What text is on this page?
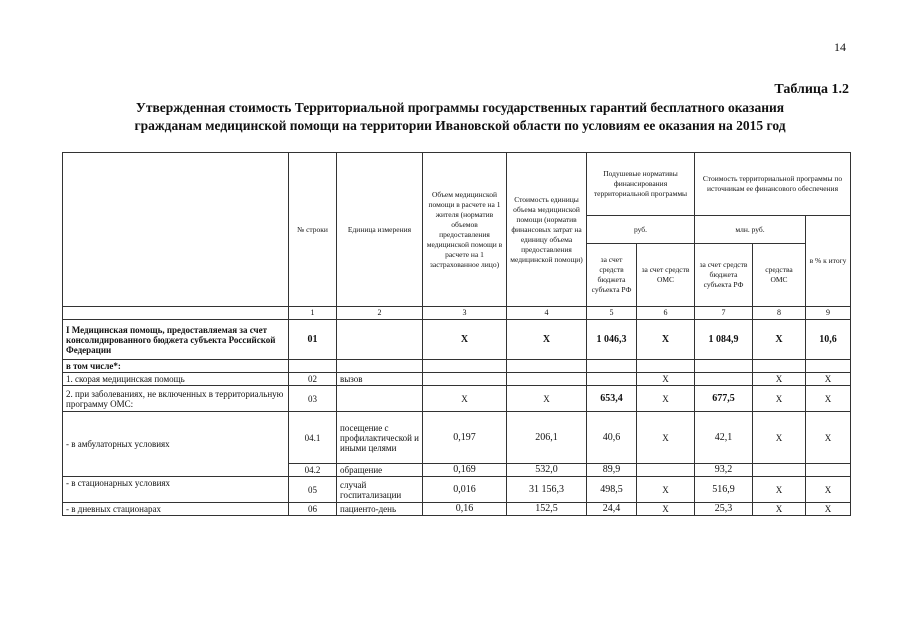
14
Таблица 1.2
Утвержденная стоимость Территориальной программы государственных гарантий бесплатного оказания
гражданам медицинской помощи на территории Ивановской области по условиям ее оказания на 2015 год
	№ строки	Единица измерения	Объем медицинской помощи в расчете на 1 жителя (норматив объемов предоставления медицинской помощи в расчете на 1 застрахованное лицо)	Стоимость единицы объема медицинской помощи (норматив финансовых затрат на единицу объема предоставления медицинской помощи)	Подушевые нормативы финансирования территориальной программы		Стоимость территориальной программы по источникам ее финансового обеспечения		
					руб.		млн. руб.		в % к итогу
					за счет средств бюджета субъекта РФ	за счет средств ОМС	за счет средств бюджета субъекта РФ	средства ОМС	
	1	2	3	4	5	6	7	8	9
I Медицинская помощь, предоставляемая за счет консолидированного бюджета субъекта Российской Федерации	01		X	X	1 046,3	X	1 084,9	X	10,6
в том числе*:									
1. скорая медицинская помощь	02	вызов				X		X	X
2. при заболеваниях, не включенных в территориальную программу ОМС:	03		X	X	653,4	X	677,5	X	X
- в амбулаторных условиях	04.1	посещение с профилактической и иными целями	0,197	206,1	40,6	X	42,1	X	X
	04.2	обращение	0,169	532,0	89,9		93,2		
- в стационарных условиях	05	случай госпитализации	0,016	31 156,3	498,5	X	516,9	X	X
- в дневных стационарах	06	пациенто-день	0,16	152,5	24,4	X	25,3	X	X
